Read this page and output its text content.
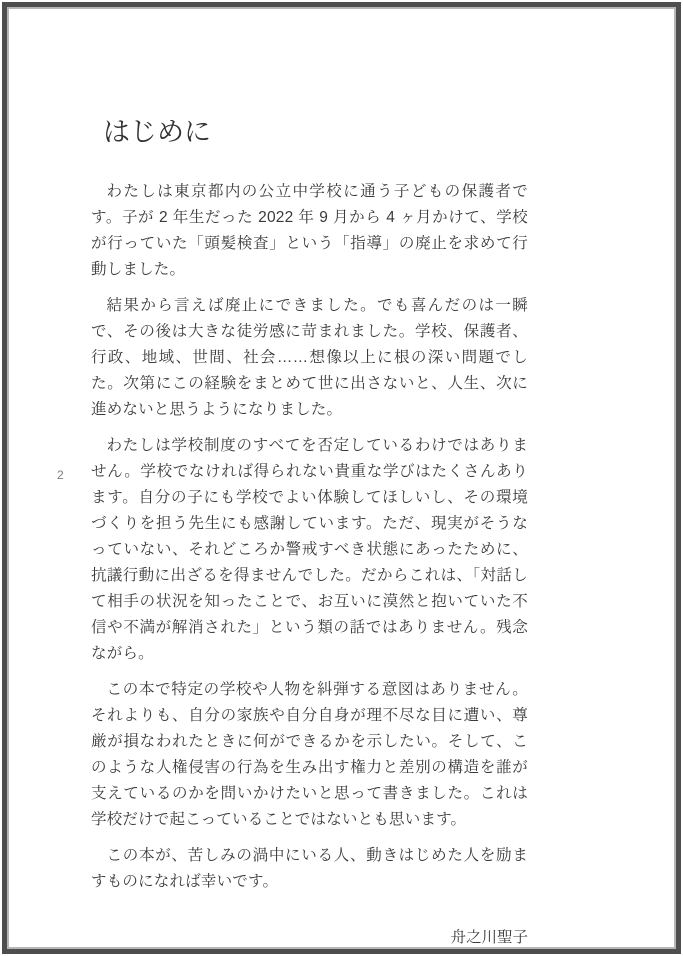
2
はじめに

わたしは東京都内の公立中学校に通う子どもの保護者です。子が 2 年生だった 2022 年 9 月から 4 ヶ月かけて、学校が行っていた「頭髪検査」という「指導」の廃止を求めて行動しました。

結果から言えば廃止にできました。でも喜んだのは一瞬で、その後は大きな徒労感に苛まれました。学校、保護者、行政、地域、世間、社会……想像以上に根の深い問題でした。次第にこの経験をまとめて世に出さないと、人生、次に進めないと思うようになりました。

わたしは学校制度のすべてを否定しているわけではありません。学校でなければ得られない貴重な学びはたくさんあります。自分の子にも学校でよい体験してほしいし、その環境づくりを担う先生にも感謝しています。ただ、現実がそうなっていない、それどころか警戒すべき状態にあったために、抗議行動に出ざるを得ませんでした。だからこれは、「対話して相手の状況を知ったことで、お互いに漠然と抱いていた不信や不満が解消された」という類の話ではありません。残念ながら。

この本で特定の学校や人物を糾弾する意図はありません。それよりも、自分の家族や自分自身が理不尽な目に遭い、尊厳が損なわれたときに何ができるかを示したい。そして、このような人権侵害の行為を生み出す権力と差別の構造を誰が支えているのかを問いかけたいと思って書きました。これは学校だけで起こっていることではないとも思います。

この本が、苦しみの渦中にいる人、動きはじめた人を励ますものになれば幸いです。

舟之川聖子
